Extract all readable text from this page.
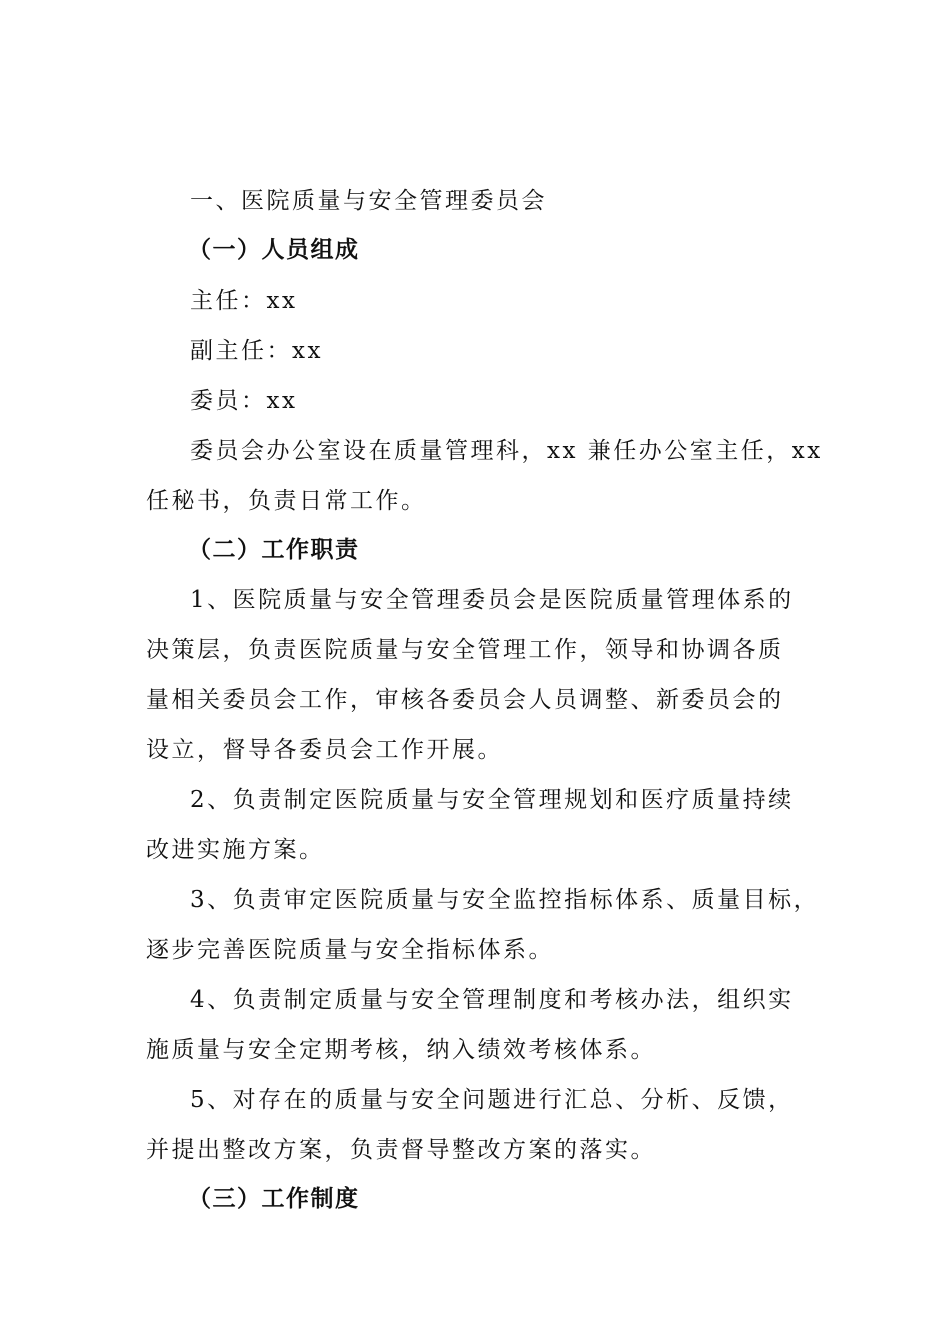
一、医院质量与安全管理委员会
（一）人员组成
主任：xx
副主任：xx
委员：xx
委员会办公室设在质量管理科，xx 兼任办公室主任，xx
任秘书，负责日常工作。
（二）工作职责
1、医院质量与安全管理委员会是医院质量管理体系的
决策层，负责医院质量与安全管理工作，领导和协调各质
量相关委员会工作，审核各委员会人员调整、新委员会的
设立，督导各委员会工作开展。
2、负责制定医院质量与安全管理规划和医疗质量持续
改进实施方案。
3、负责审定医院质量与安全监控指标体系、质量目标，
逐步完善医院质量与安全指标体系。
4、负责制定质量与安全管理制度和考核办法，组织实
施质量与安全定期考核，纳入绩效考核体系。
5、对存在的质量与安全问题进行汇总、分析、反馈，
并提出整改方案，负责督导整改方案的落实。
（三）工作制度
